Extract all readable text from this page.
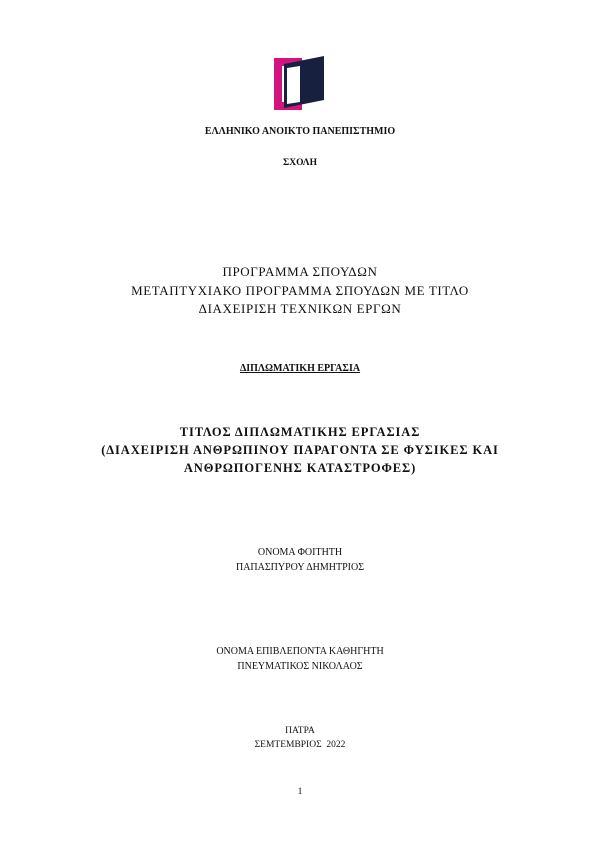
ΕΛΛΗΝΙΚΟ ΑΝΟΙΚΤΟ ΠΑΝΕΠΙΣΤΗΜΙΟ
ΣΧΟΛΗ
ΠΡΟΓΡΑΜΜΑ ΣΠΟΥΔΩΝ
ΜΕΤΑΠΤΥΧΙΑΚΟ ΠΡΟΓΡΑΜΜΑ ΣΠΟΥΔΩΝ ΜΕ ΤΙΤΛΟ
ΔΙΑΧΕΙΡΙΣΗ ΤΕΧΝΙΚΩΝ ΕΡΓΩΝ
ΔΙΠΛΩΜΑΤΙΚΗ ΕΡΓΑΣΙΑ
ΤΙΤΛΟΣ ΔΙΠΛΩΜΑΤΙΚΗΣ ΕΡΓΑΣΙΑΣ
(ΔΙΑΧΕΙΡΙΣΗ ΑΝΘΡΩΠΙΝΟΥ ΠΑΡΑΓΟΝΤΑ ΣΕ ΦΥΣΙΚΕΣ ΚΑΙ
ΑΝΘΡΩΠΟΓΕΝΗΣ ΚΑΤΑΣΤΡΟΦΕΣ)
ΟΝΟΜΑ ΦΟΙΤΗΤΗ
ΠΑΠΑΣΠΥΡΟΥ ΔΗΜΗΤΡΙΟΣ
ΟΝΟΜΑ ΕΠΙΒΛΕΠΟΝΤΑ ΚΑΘΗΓΗΤΗ
ΠΝΕΥΜΑΤΙΚΟΣ ΝΙΚΟΛΑΟΣ
ΠΑΤΡΑ
ΣΕΜΤΕΜΒΡΙΟΣ  2022
1
